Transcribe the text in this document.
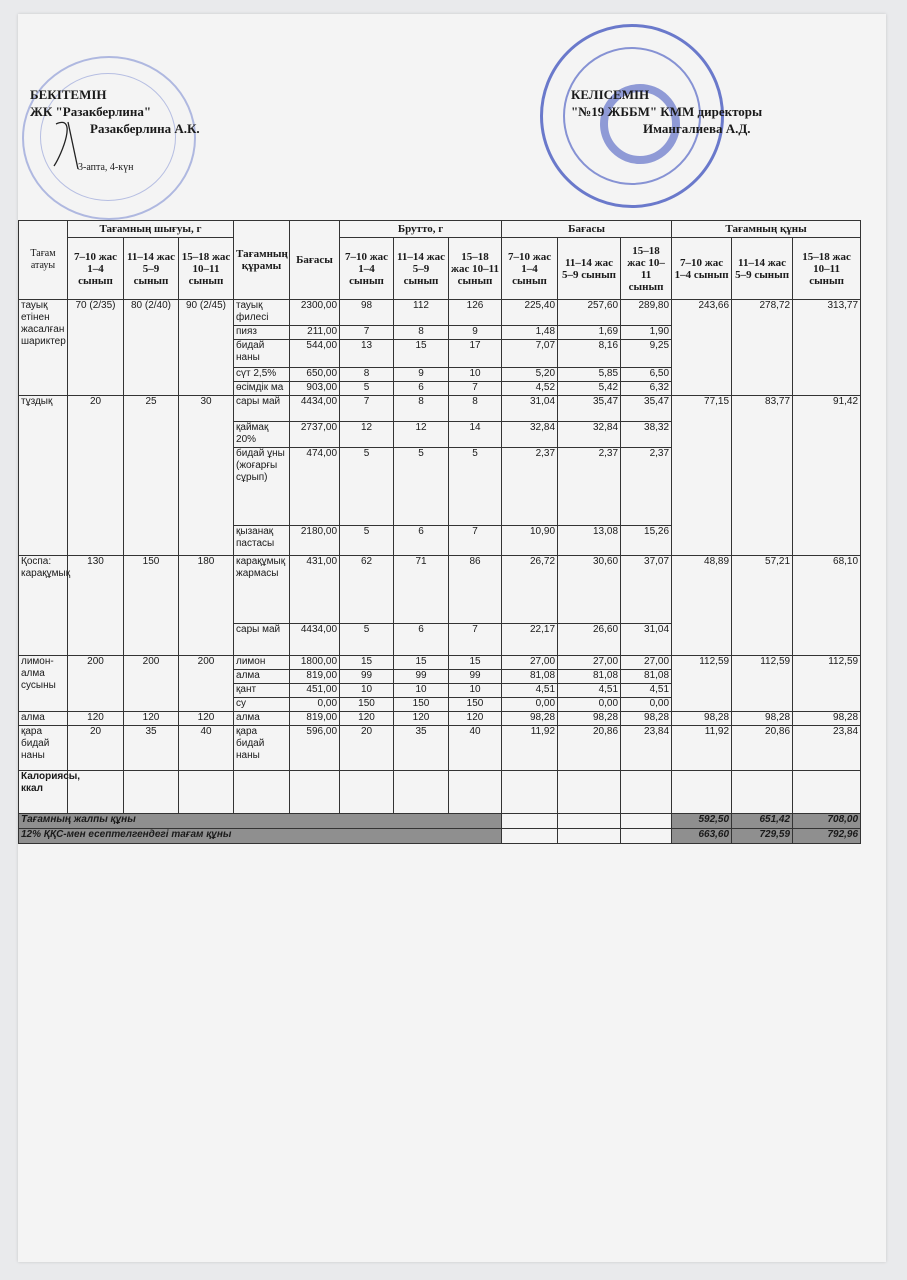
БЕКІТЕМІН
ЖК "Разакберлина"
Разакберлина А.К.
3-апта, 4-күн
КЕЛІСЕМІН
"№19 ЖББМ" КММ директоры
Имангалиева А.Д.
Тағам атауы	Тағамның шығуы, г			Тағамның құрамы	Бағасы	Брутто, г			Бағасы			Тағамның құны		
	7–10 жас 1–4 сынып	11–14 жас 5–9 сынып	15–18 жас 10–11 сынып			7–10 жас 1–4 сынып	11–14 жас 5–9 сынып	15–18 жас 10–11 сынып	7–10 жас 1–4 сынып	11–14 жас 5–9 сынып	15–18 жас 10–11 сынып	7–10 жас 1–4 сынып	11–14 жас 5–9 сынып	15–18 жас 10–11 сынып
тауық етінен жасалған шариктер	70 (2/35)	80 (2/40)	90 (2/45)	тауық филесі	2300,00	98	112	126	225,40	257,60	289,80	243,66	278,72	313,77
				пияз	211,00	7	8	9	1,48	1,69	1,90			
				бидай наны	544,00	13	15	17	7,07	8,16	9,25			
				сүт 2,5%	650,00	8	9	10	5,20	5,85	6,50			
				өсімдік ма	903,00	5	6	7	4,52	5,42	6,32			
тұздық	20	25	30	сары май	4434,00	7	8	8	31,04	35,47	35,47	77,15	83,77	91,42
				қаймақ 20%	2737,00	12	12	14	32,84	32,84	38,32			
				бидай ұны (жоғарғы сұрып)	474,00	5	5	5	2,37	2,37	2,37			
				қызанақ пастасы	2180,00	5	6	7	10,90	13,08	15,26			
Қоспа: карақұмық	130	150	180	карақұмық жармасы	431,00	62	71	86	26,72	30,60	37,07	48,89	57,21	68,10
				сары май	4434,00	5	6	7	22,17	26,60	31,04			
лимон-алма сусыны	200	200	200	лимон	1800,00	15	15	15	27,00	27,00	27,00	112,59	112,59	112,59
				алма	819,00	99	99	99	81,08	81,08	81,08			
				қант	451,00	10	10	10	4,51	4,51	4,51			
				су	0,00	150	150	150	0,00	0,00	0,00			
алма	120	120	120	алма	819,00	120	120	120	98,28	98,28	98,28	98,28	98,28	98,28
қара бидай наны	20	35	40	қара бидай наны	596,00	20	35	40	11,92	20,86	23,84	11,92	20,86	23,84
Калориясы, ккал														
Тағамның жалпы құны												592,50	651,42	708,00
12% ҚҚС-мен есептелгендегі тағам құны												663,60	729,59	792,96
